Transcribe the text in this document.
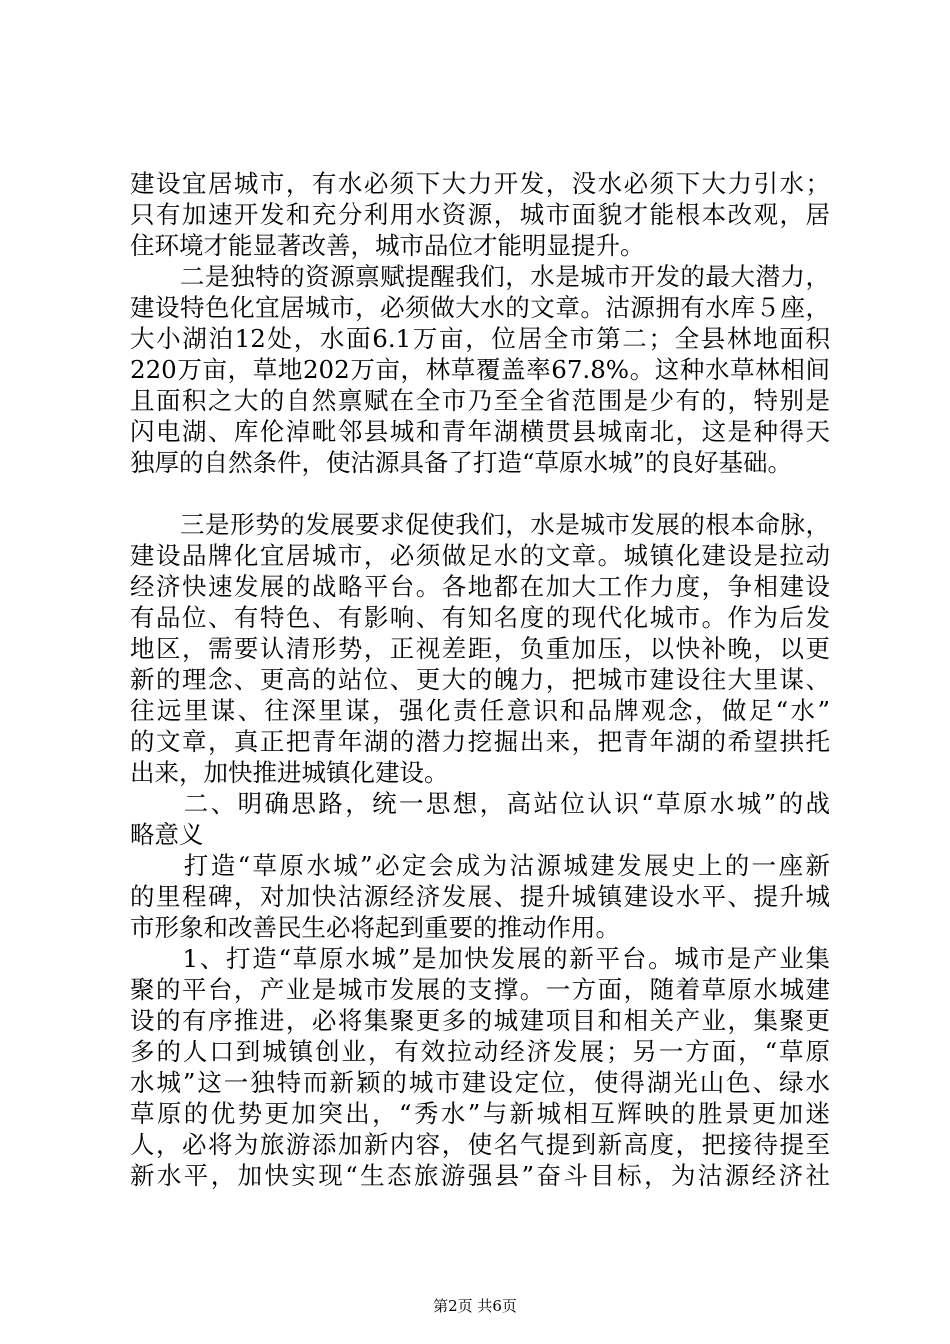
建设宜居城市，有水必须下大力开发，没水必须下大力引水；
只有加速开发和充分利用水资源，城市面貌才能根本改观，居
住环境才能显著改善，城市品位才能明显提升。
　　二是独特的资源禀赋提醒我们，水是城市开发的最大潜力，
建设特色化宜居城市，必须做大水的文章。沽源拥有水库５座，
大小湖泊12处，水面6.1万亩，位居全市第二；全县林地面积
220万亩，草地202万亩，林草覆盖率67.8%。这种水草林相间
且面积之大的自然禀赋在全市乃至全省范围是少有的，特别是
闪电湖、库伦淖毗邻县城和青年湖横贯县城南北，这是种得天
独厚的自然条件，使沽源具备了打造“草原水城”的良好基础。
　　三是形势的发展要求促使我们，水是城市发展的根本命脉，
建设品牌化宜居城市，必须做足水的文章。城镇化建设是拉动
经济快速发展的战略平台。各地都在加大工作力度，争相建设
有品位、有特色、有影响、有知名度的现代化城市。作为后发
地区，需要认清形势，正视差距，负重加压，以快补晚，以更
新的理念、更高的站位、更大的魄力，把城市建设往大里谋、
往远里谋、往深里谋，强化责任意识和品牌观念，做足“水”
的文章，真正把青年湖的潜力挖掘出来，把青年湖的希望拱托
出来，加快推进城镇化建设。
　　二、明确思路，统一思想，高站位认识“草原水城”的战
略意义
　　打造“草原水城”必定会成为沽源城建发展史上的一座新
的里程碑，对加快沽源经济发展、提升城镇建设水平、提升城
市形象和改善民生必将起到重要的推动作用。
　　1、打造“草原水城”是加快发展的新平台。城市是产业集
聚的平台，产业是城市发展的支撑。一方面，随着草原水城建
设的有序推进，必将集聚更多的城建项目和相关产业，集聚更
多的人口到城镇创业，有效拉动经济发展；另一方面，“草原
水城”这一独特而新颖的城市建设定位，使得湖光山色、绿水
草原的优势更加突出，“秀水”与新城相互辉映的胜景更加迷
人，必将为旅游添加新内容，使名气提到新高度，把接待提至
新水平，加快实现“生态旅游强县”奋斗目标，为沽源经济社
第2页 共6页
